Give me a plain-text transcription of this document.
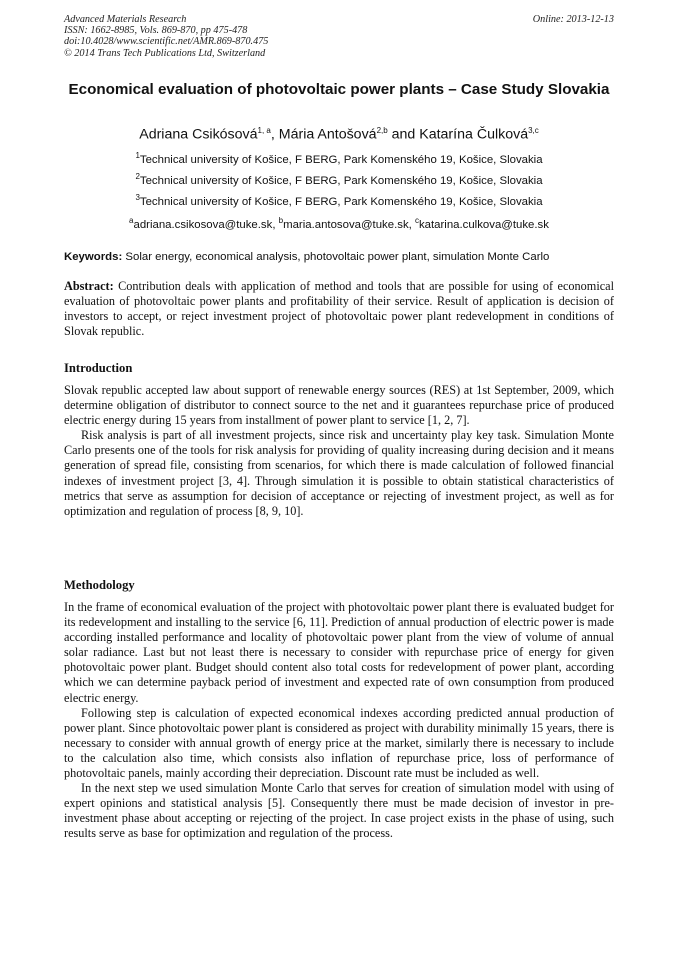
Advanced Materials Research
ISSN: 1662-8985, Vols. 869-870, pp 475-478
doi:10.4028/www.scientific.net/AMR.869-870.475
© 2014 Trans Tech Publications Ltd, Switzerland
Online: 2013-12-13
Economical evaluation of photovoltaic power plants – Case Study Slovakia
Adriana Csikósová$^{1, a}$, Mária Antošová$^{2,b}$ and Katarína Čulková$^{3,c}$
$^1$Technical university of Košice, F BERG, Park Komenského 19, Košice, Slovakia
$^2$Technical university of Košice, F BERG, Park Komenského 19, Košice, Slovakia
$^3$Technical university of Košice, F BERG, Park Komenského 19, Košice, Slovakia
$^a$adriana.csikosova@tuke.sk, $^b$maria.antosova@tuke.sk, $^c$katarina.culkova@tuke.sk
Keywords: Solar energy, economical analysis, photovoltaic power plant, simulation Monte Carlo

Abstract: Contribution deals with application of method and tools that are possible for using of economical evaluation of photovoltaic power plants and profitability of their service. Result of application is decision of investors to accept, or reject investment project of photovoltaic power plant redevelopment in conditions of Slovak republic.

Introduction

Slovak republic accepted law about support of renewable energy sources (RES) at 1st September, 2009, which determine obligation of distributor to connect source to the net and it guarantees repurchase price of produced electric energy during 15 years from installment of power plant to service [1, 2, 7].

Risk analysis is part of all investment projects, since risk and uncertainty play key task. Simulation Monte Carlo presents one of the tools for risk analysis for providing of quality increasing during decision and it means generation of spread file, consisting from scenarios, for which there is made calculation of followed financial indexes of investment project [3, 4]. Through simulation it is possible to obtain statistical characteristics of metrics that serve as assumption for decision of acceptance or rejecting of investment project, as well as for optimization and regulation of process [8, 9, 10].

Methodology

In the frame of economical evaluation of the project with photovoltaic power plant there is evaluated budget for its redevelopment and installing to the service [6, 11]. Prediction of annual production of electric power is made according installed performance and locality of photovoltaic power plant from the view of volume of annual solar radiance. Last but not least there is necessary to consider with repurchase price of energy for given photovoltaic power plant. Budget should content also total costs for redevelopment of power plant, according which we can determine payback period of investment and expected rate of own consumption from produced electric energy.

Following step is calculation of expected economical indexes according predicted annual production of power plant. Since photovoltaic power plant is considered as project with durability minimally 15 years, there is necessary to consider with annual growth of energy price at the market, similarly there is necessary to include to the calculation also time, which consists also inflation of repurchase price, loss of performance of photovoltaic panels, mainly according their depreciation. Discount rate must be included as well.

In the next step we used simulation Monte Carlo that serves for creation of simulation model with using of expert opinions and statistical analysis [5]. Consequently there must be made decision of investor in pre-investment phase about accepting or rejecting of the project. In case project exists in the phase of using, such results serve as base for optimization and regulation of the process.
